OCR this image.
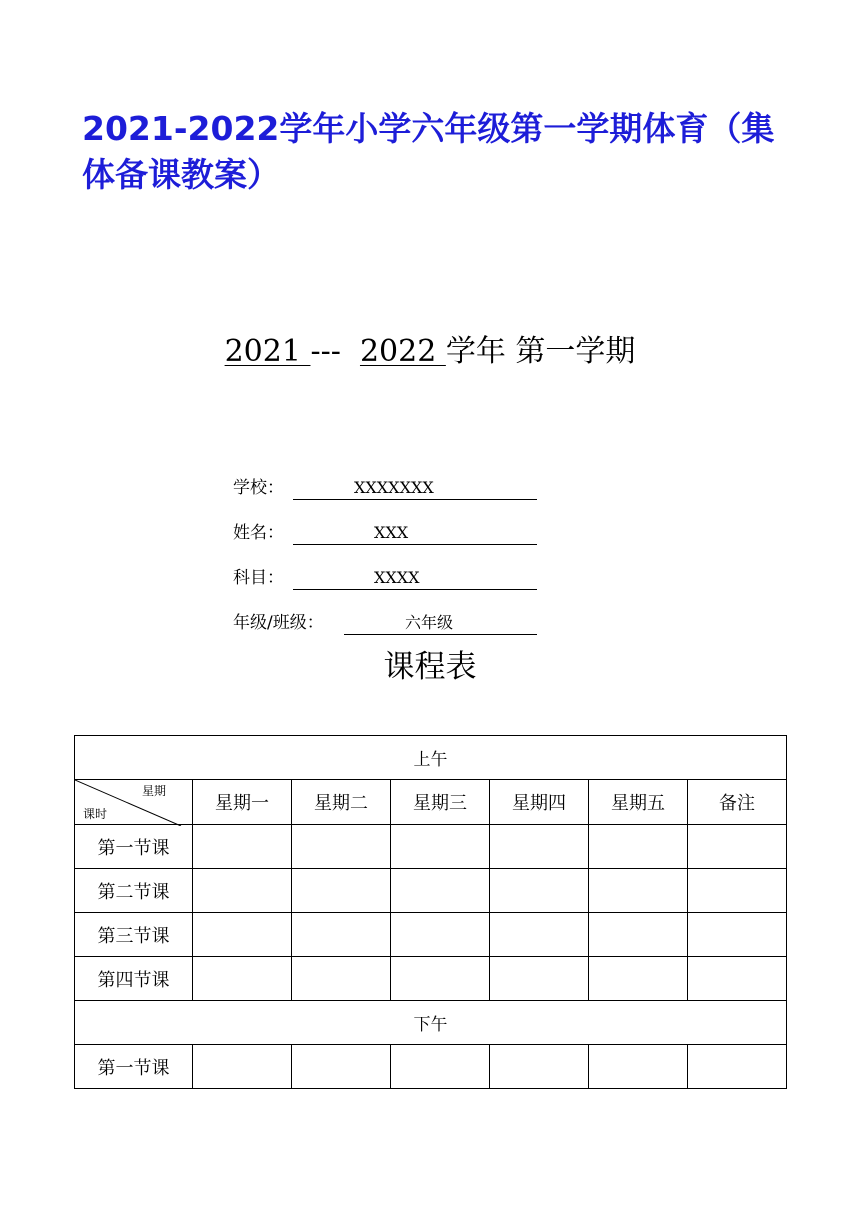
2021-2022学年小学六年级第一学期体育（集体备课教案）
2021 ---  2022 学年 第一学期
学校：	XXXXXXX
姓名：	XXX
科目：	XXXX
年级/班级：	六年级
课程表
上午						

星期
课时	星期一	星期二	星期三	星期四	星期五	备注
第一节课						
第二节课						
第三节课						
第四节课						
下午						
第一节课						
